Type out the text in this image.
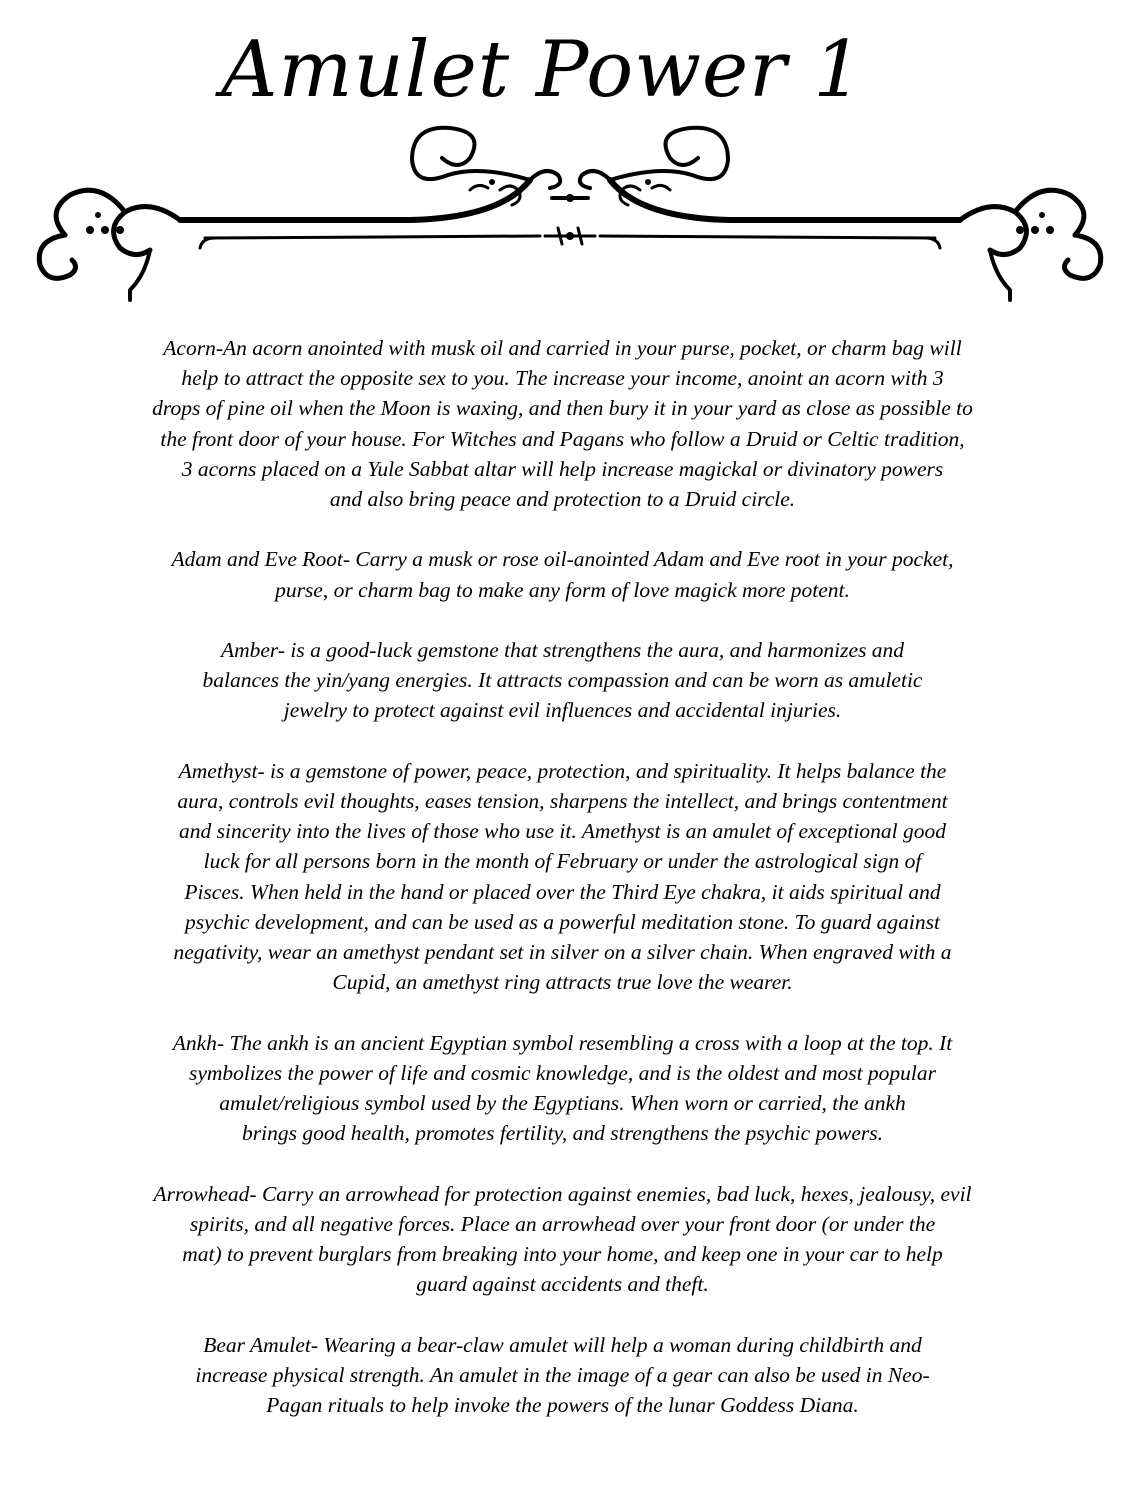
Amulet Power 1

Acorn-An acorn anointed with musk oil and carried in your purse, pocket, or charm bag will
help to attract the opposite sex to you. The increase your income, anoint an acorn with 3
drops of pine oil when the Moon is waxing, and then bury it in your yard as close as possible to
the front door of your house. For Witches and Pagans who follow a Druid or Celtic tradition,
3 acorns placed on a Yule Sabbat altar will help increase magickal or divinatory powers
and also bring peace and protection to a Druid circle.

Adam and Eve Root- Carry a musk or rose oil-anointed Adam and Eve root in your pocket,
purse, or charm bag to make any form of love magick more potent.

Amber- is a good-luck gemstone that strengthens the aura, and harmonizes and
balances the yin/yang energies. It attracts compassion and can be worn as amuletic
jewelry to protect against evil influences and accidental injuries.

Amethyst- is a gemstone of power, peace, protection, and spirituality. It helps balance the
aura, controls evil thoughts, eases tension, sharpens the intellect, and brings contentment
and sincerity into the lives of those who use it. Amethyst is an amulet of exceptional good
luck for all persons born in the month of February or under the astrological sign of
Pisces. When held in the hand or placed over the Third Eye chakra, it aids spiritual and
psychic development, and can be used as a powerful meditation stone. To guard against
negativity, wear an amethyst pendant set in silver on a silver chain. When engraved with a
Cupid, an amethyst ring attracts true love the wearer.

Ankh- The ankh is an ancient Egyptian symbol resembling a cross with a loop at the top. It
symbolizes the power of life and cosmic knowledge, and is the oldest and most popular
amulet/religious symbol used by the Egyptians. When worn or carried, the ankh
brings good health, promotes fertility, and strengthens the psychic powers.

Arrowhead- Carry an arrowhead for protection against enemies, bad luck, hexes, jealousy, evil
spirits, and all negative forces. Place an arrowhead over your front door (or under the
mat) to prevent burglars from breaking into your home, and keep one in your car to help
guard against accidents and theft.

Bear Amulet- Wearing a bear-claw amulet will help a woman during childbirth and
increase physical strength. An amulet in the image of a gear can also be used in Neo-
Pagan rituals to help invoke the powers of the lunar Goddess Diana.
